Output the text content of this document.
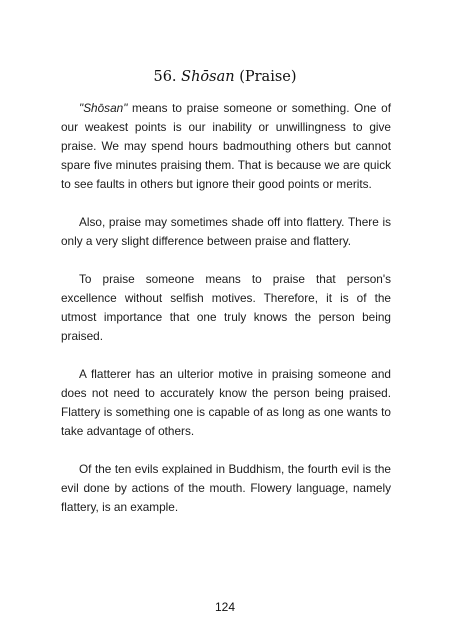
56. Shōsan (Praise)

"Shōsan" means to praise someone or something. One of our weakest points is our inability or unwillingness to give praise. We may spend hours badmouthing others but cannot spare five minutes praising them. That is because we are quick to see faults in others but ignore their good points or merits.

Also, praise may sometimes shade off into flattery. There is only a very slight difference between praise and flattery.

To praise someone means to praise that person's excellence without selfish motives. Therefore, it is of the utmost importance that one truly knows the person being praised.

A flatterer has an ulterior motive in praising someone and does not need to accurately know the person being praised. Flattery is something one is capable of as long as one wants to take advantage of others.

Of the ten evils explained in Buddhism, the fourth evil is the evil done by actions of the mouth. Flowery language, namely flattery, is an example.

124
